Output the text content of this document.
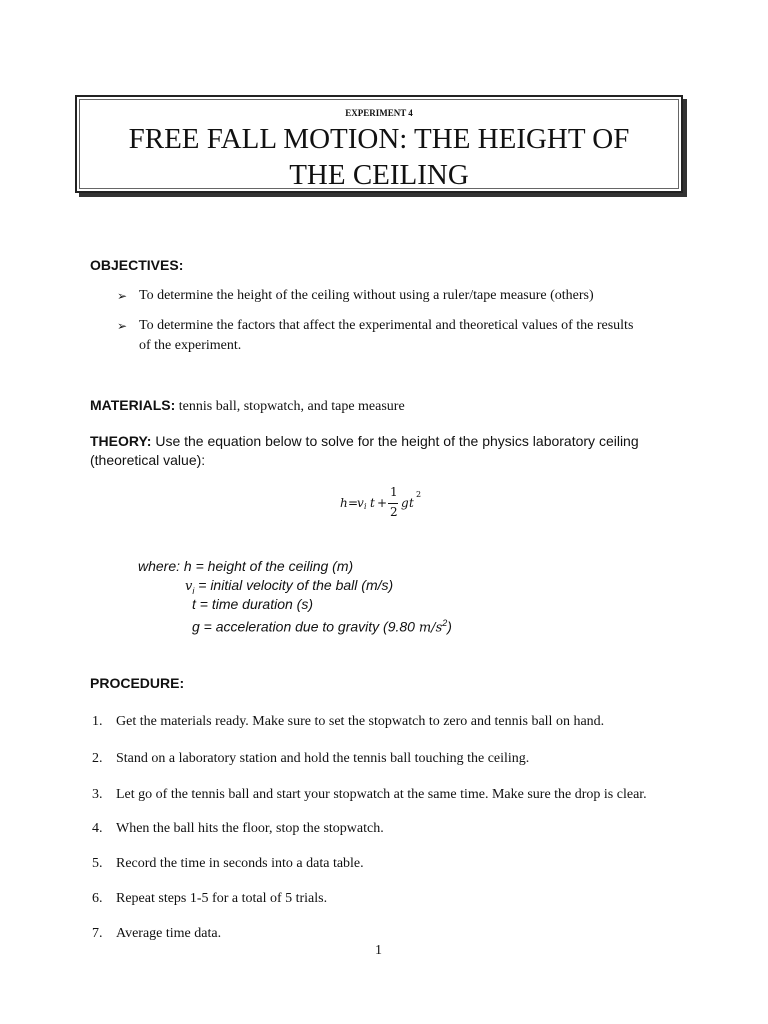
EXPERIMENT 4
FREE FALL MOTION: THE HEIGHT OF
THE CEILING
OBJECTIVES:
➢ To determine the height of the ceiling without using a ruler/tape measure (others)
➢ To determine the factors that affect the experimental and theoretical values of the results of the experiment.
MATERIALS: tennis ball, stopwatch, and tape measure
THEORY: Use the equation below to solve for the height of the physics laboratory ceiling (theoretical value):
h =
v i t +
1
2
g t
2
where: h = height of the ceiling (m)
$v_i$ = initial velocity of the ball (m/s)
t = time duration (s)
g = acceleration due to gravity (9.80 $m/s^2$)
PROCEDURE:
1. Get the materials ready. Make sure to set the stopwatch to zero and tennis ball on hand.
2. Stand on a laboratory station and hold the tennis ball touching the ceiling.
3. Let go of the tennis ball and start your stopwatch at the same time. Make sure the drop is clear.
4. When the ball hits the floor, stop the stopwatch.
5. Record the time in seconds into a data table.
6. Repeat steps 1-5 for a total of 5 trials.
7. Average time data.
1
